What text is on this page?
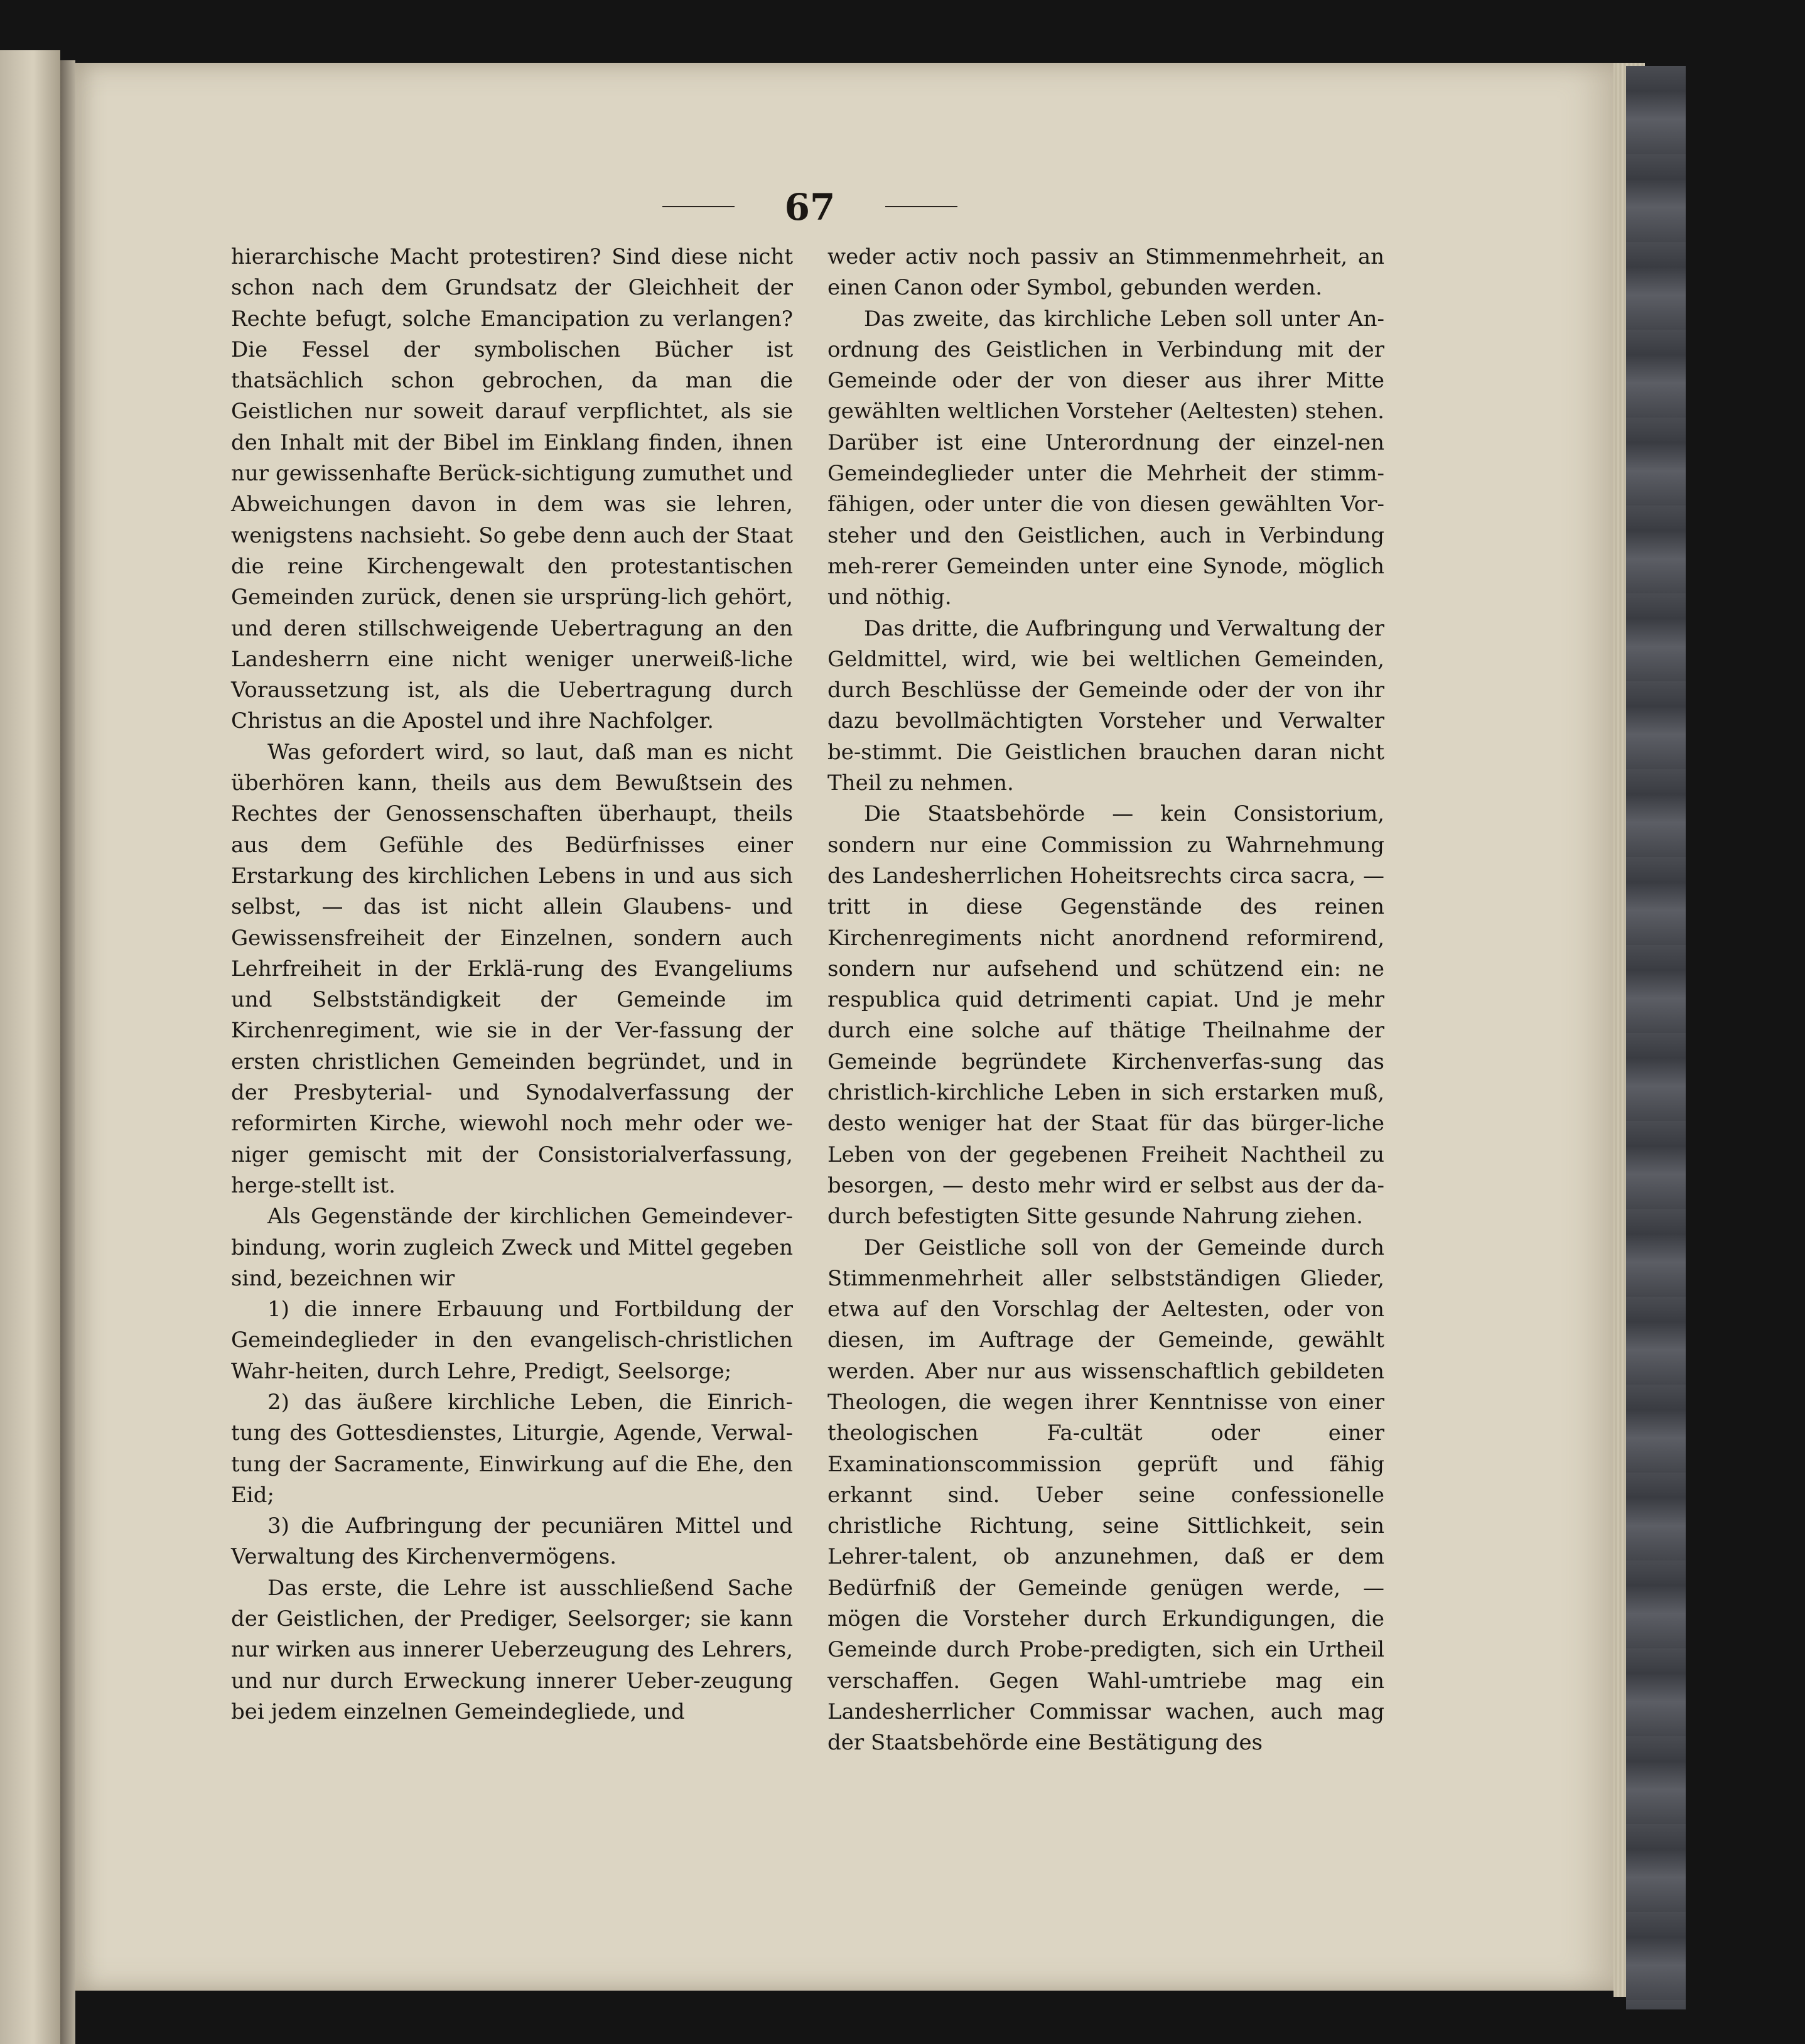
67

hierarchische Macht protestiren? Sind diese nicht schon nach dem Grundsatz der Gleichheit der Rechte befugt, solche Emancipation zu verlangen? Die Fessel der symbolischen Bücher ist thatsächlich schon gebrochen, da man die Geistlichen nur soweit darauf verpflichtet, als sie den Inhalt mit der Bibel im Einklang finden, ihnen nur gewissenhafte Berück-sichtigung zumuthet und Abweichungen davon in dem was sie lehren, wenigstens nachsieht. So gebe denn auch der Staat die reine Kirchengewalt den protestantischen Gemeinden zurück, denen sie ursprüng-lich gehört, und deren stillschweigende Uebertragung an den Landesherrn eine nicht weniger unerweiß-liche Voraussetzung ist, als die Uebertragung durch Christus an die Apostel und ihre Nachfolger.

Was gefordert wird, so laut, daß man es nicht überhören kann, theils aus dem Bewußtsein des Rechtes der Genossenschaften überhaupt, theils aus dem Gefühle des Bedürfnisses einer Erstarkung des kirchlichen Lebens in und aus sich selbst, — das ist nicht allein Glaubens- und Gewissensfreiheit der Einzelnen, sondern auch Lehrfreiheit in der Erklä-rung des Evangeliums und Selbstständigkeit der Gemeinde im Kirchenregiment, wie sie in der Ver-fassung der ersten christlichen Gemeinden begründet, und in der Presbyterial- und Synodalverfassung der reformirten Kirche, wiewohl noch mehr oder we-niger gemischt mit der Consistorialverfassung, herge-stellt ist.

Als Gegenstände der kirchlichen Gemeindever-bindung, worin zugleich Zweck und Mittel gegeben sind, bezeichnen wir

1) die innere Erbauung und Fortbildung der Gemeindeglieder in den evangelisch-christlichen Wahr-heiten, durch Lehre, Predigt, Seelsorge;

2) das äußere kirchliche Leben, die Einrich-tung des Gottesdienstes, Liturgie, Agende, Verwal-tung der Sacramente, Einwirkung auf die Ehe, den Eid;

3) die Aufbringung der pecuniären Mittel und Verwaltung des Kirchenvermögens.

Das erste, die Lehre ist ausschließend Sache der Geistlichen, der Prediger, Seelsorger; sie kann nur wirken aus innerer Ueberzeugung des Lehrers, und nur durch Erweckung innerer Ueber-zeugung bei jedem einzelnen Gemeindegliede, und

weder activ noch passiv an Stimmenmehrheit, an einen Canon oder Symbol, gebunden werden.

Das zweite, das kirchliche Leben soll unter An-ordnung des Geistlichen in Verbindung mit der Gemeinde oder der von dieser aus ihrer Mitte gewählten weltlichen Vorsteher (Aeltesten) stehen. Darüber ist eine Unterordnung der einzel-nen Gemeindeglieder unter die Mehrheit der stimm-fähigen, oder unter die von diesen gewählten Vor-steher und den Geistlichen, auch in Verbindung meh-rerer Gemeinden unter eine Synode, möglich und nöthig.

Das dritte, die Aufbringung und Verwaltung der Geldmittel, wird, wie bei weltlichen Gemeinden, durch Beschlüsse der Gemeinde oder der von ihr dazu bevollmächtigten Vorsteher und Verwalter be-stimmt. Die Geistlichen brauchen daran nicht Theil zu nehmen.

Die Staatsbehörde — kein Consistorium, sondern nur eine Commission zu Wahrnehmung des Landesherrlichen Hoheitsrechts circa sacra, — tritt in diese Gegenstände des reinen Kirchenregiments nicht anordnend reformirend, sondern nur aufsehend und schützend ein: ne respublica quid detrimenti capiat. Und je mehr durch eine solche auf thätige Theilnahme der Gemeinde begründete Kirchenverfas-sung das christlich-kirchliche Leben in sich erstarken muß, desto weniger hat der Staat für das bürger-liche Leben von der gegebenen Freiheit Nachtheil zu besorgen, — desto mehr wird er selbst aus der da-durch befestigten Sitte gesunde Nahrung ziehen.

Der Geistliche soll von der Gemeinde durch Stimmenmehrheit aller selbstständigen Glieder, etwa auf den Vorschlag der Aeltesten, oder von diesen, im Auftrage der Gemeinde, gewählt werden. Aber nur aus wissenschaftlich gebildeten Theologen, die wegen ihrer Kenntnisse von einer theologischen Fa-cultät oder einer Examinationscommission geprüft und fähig erkannt sind. Ueber seine confessionelle christliche Richtung, seine Sittlichkeit, sein Lehrer-talent, ob anzunehmen, daß er dem Bedürfniß der Gemeinde genügen werde, — mögen die Vorsteher durch Erkundigungen, die Gemeinde durch Probe-predigten, sich ein Urtheil verschaffen. Gegen Wahl-umtriebe mag ein Landesherrlicher Commissar wachen, auch mag der Staatsbehörde eine Bestätigung des
